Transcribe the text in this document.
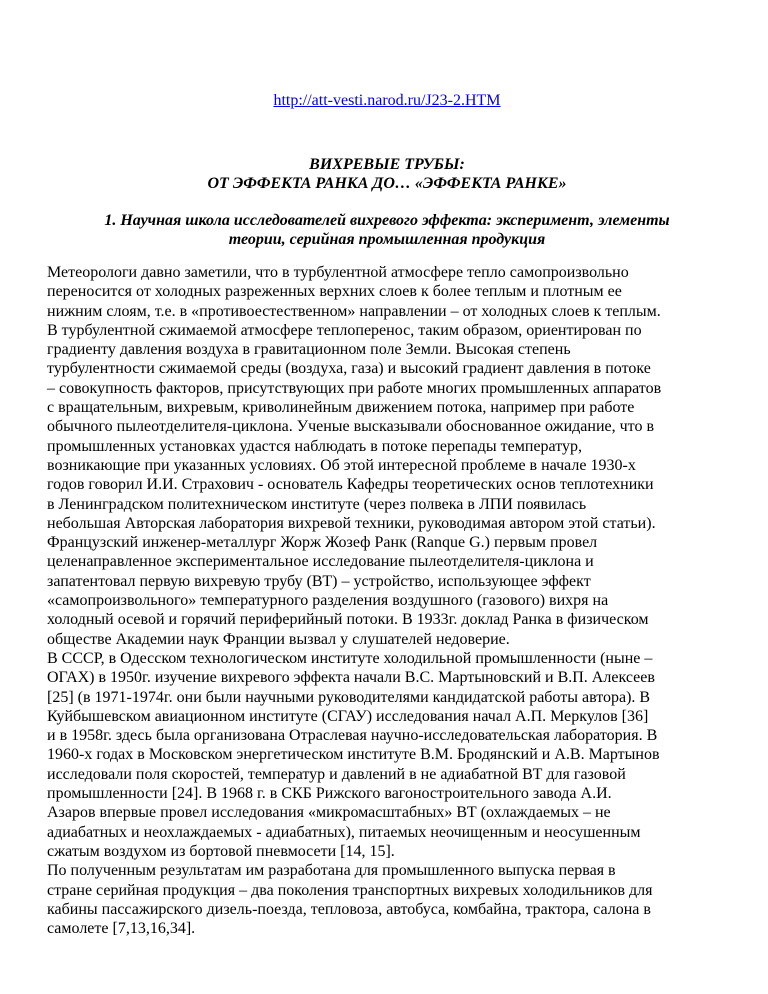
http://att-vesti.narod.ru/J23-2.HTM
ВИХРЕВЫЕ ТРУБЫ:
ОТ ЭФФЕКТА РАНКА ДО… «ЭФФЕКТА РАНКЕ»
1. Научная школа исследователей вихревого эффекта: эксперимент, элементы
теории, серийная промышленная продукция

Метеорологи давно заметили, что в турбулентной атмосфере тепло самопроизвольно
переносится от холодных разреженных верхних слоев к более теплым и плотным ее
нижним слоям, т.е. в «противоестественном» направлении – от холодных слоев к теплым.
В турбулентной сжимаемой атмосфере теплоперенос, таким образом, ориентирован по
градиенту давления воздуха в гравитационном поле Земли. Высокая степень
турбулентности сжимаемой среды (воздуха, газа) и высокий градиент давления в потоке
– совокупность факторов, присутствующих при работе многих промышленных аппаратов
с вращательным, вихревым, криволинейным движением потока, например при работе
обычного пылеотделителя-циклона. Ученые высказывали обоснованное ожидание, что в
промышленных установках удастся наблюдать в потоке перепады температур,
возникающие при указанных условиях. Об этой интересной проблеме в начале 1930-х
годов говорил И.И. Страхович - основатель Кафедры теоретических основ теплотехники
в Ленинградском политехническом институте (через полвека в ЛПИ появилась
небольшая Авторская лаборатория вихревой техники, руководимая автором этой статьи).
Французский инженер-металлург Жорж Жозеф Ранк (Ranque G.) первым провел
целенаправленное экспериментальное исследование пылеотделителя-циклона и
запатентовал первую вихревую трубу (ВТ) – устройство, использующее эффект
«самопроизвольного» температурного разделения воздушного (газового) вихря на
холодный осевой и горячий периферийный потоки. В 1933г. доклад Ранка в физическом
обществе Академии наук Франции вызвал у слушателей недоверие.

В СССР, в Одесском технологическом институте холодильной промышленности (ныне –
ОГАХ) в 1950г. изучение вихревого эффекта начали В.С. Мартыновский и В.П. Алексеев
[25] (в 1971-1974г. они были научными руководителями кандидатской работы автора). В
Куйбышевском авиационном институте (СГАУ) исследования начал А.П. Меркулов [36]
и в 1958г. здесь была организована Отраслевая научно-исследовательская лаборатория. В
1960-х годах в Московском энергетическом институте В.М. Бродянский и А.В. Мартынов
исследовали поля скоростей, температур и давлений в не адиабатной ВТ для газовой
промышленности [24]. В 1968 г. в СКБ Рижского вагоностроительного завода А.И.
Азаров впервые провел исследования «микромасштабных» ВТ (охлаждаемых – не
адиабатных и неохлаждаемых - адиабатных), питаемых неочищенным и неосушенным
сжатым воздухом из бортовой пневмосети [14, 15].

По полученным результатам им разработана для промышленного выпуска первая в
стране серийная продукция – два поколения транспортных вихревых холодильников для
кабины пассажирского дизель-поезда, тепловоза, автобуса, комбайна, трактора, салона в
самолете [7,13,16,34].
